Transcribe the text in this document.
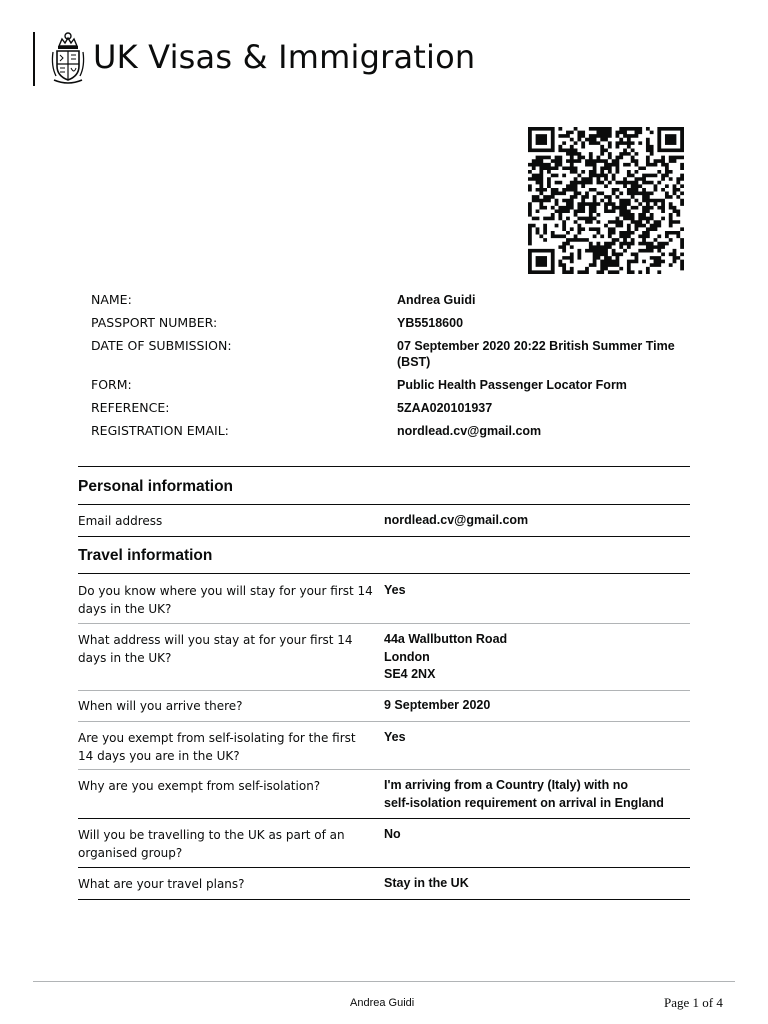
UK Visas & Immigration
NAME:	Andrea Guidi
PASSPORT NUMBER:	YB5518600
DATE OF SUBMISSION:	07 September 2020 20:22 British Summer Time (BST)
FORM:	Public Health Passenger Locator Form
REFERENCE:	5ZAA020101937
REGISTRATION EMAIL:	nordlead.cv@gmail.com
Personal information
Email address	nordlead.cv@gmail.com
Travel information
Do you know where you will stay for your first 14 days in the UK?
Yes
What address will you stay at for your first 14 days in the UK?
44a Wallbutton Road
London
SE4 2NX
When will you arrive there?	9 September 2020
Are you exempt from self-isolating for the first 14 days you are in the UK?
Yes
Why are you exempt from self-isolation?	I'm arriving from a Country (Italy) with no
self-isolation requirement on arrival in England
Will you be travelling to the UK as part of an organised group?
No
What are your travel plans?	Stay in the UK
Andrea Guidi	Page 1 of 4
